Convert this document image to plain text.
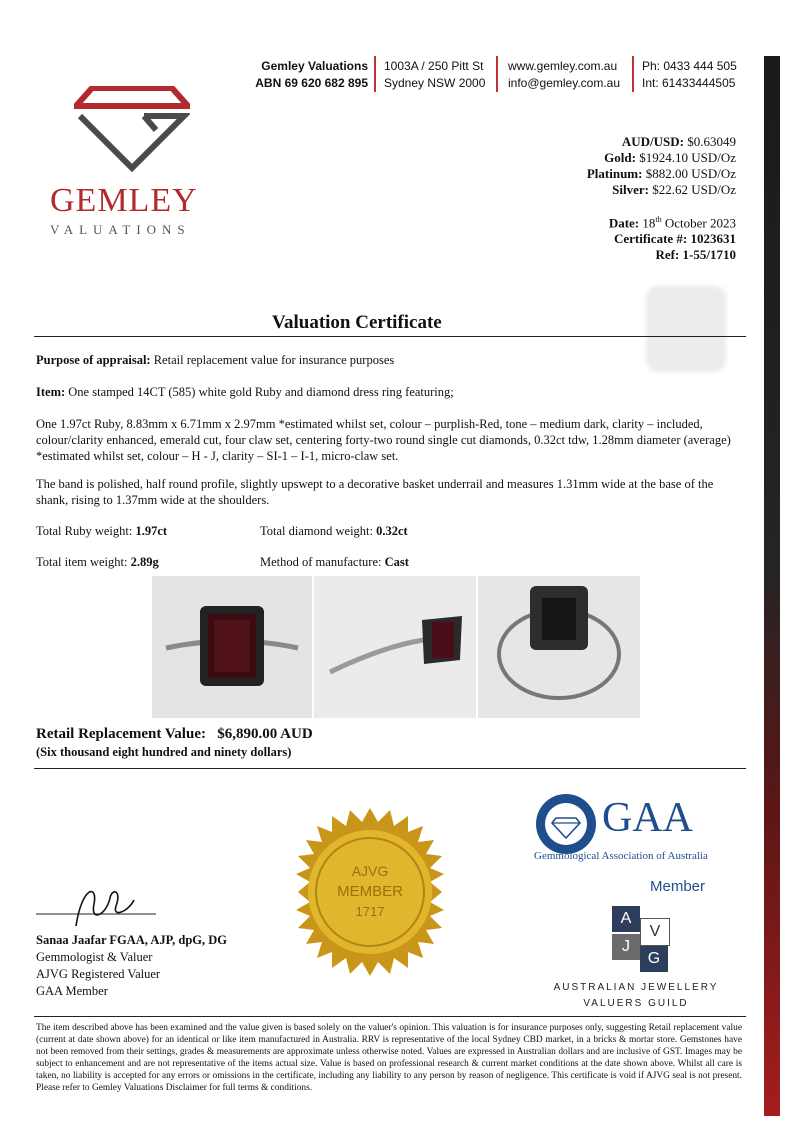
Gemley Valuations
ABN 69 620 682 895
1003A / 250 Pitt St
Sydney NSW 2000
www.gemley.com.au
info@gemley.com.au
Ph: 0433 444 505
Int: 61433444505
GEMLEY
VALUATIONS
AUD/USD: $0.63049
Gold: $1924.10 USD/Oz
Platinum: $882.00 USD/Oz
Silver: $22.62 USD/Oz
Date: 18th October 2023
Certificate #: 1023631
Ref: 1-55/1710
Valuation Certificate
Purpose of appraisal: Retail replacement value for insurance purposes
Item: One stamped 14CT (585) white gold Ruby and diamond dress ring featuring;
One 1.97ct Ruby, 8.83mm x 6.71mm x 2.97mm *estimated whilst set, colour – purplish-Red, tone – medium dark, clarity – included, colour/clarity enhanced, emerald cut, four claw set, centering forty-two round single cut diamonds, 0.32ct tdw, 1.28mm diameter (average) *estimated whilst set, colour – H - J, clarity – SI-1 – I-1, micro-claw set.
The band is polished, half round profile, slightly upswept to a decorative basket underrail and measures 1.31mm wide at the base of the shank, rising to 1.37mm wide at the shoulders.
Total Ruby weight: 1.97ct	Total diamond weight: 0.32ct
Total item weight: 2.89g	Method of manufacture: Cast
Retail Replacement Value: $6,890.00 AUD
(Six thousand eight hundred and ninety dollars)
AJVG
MEMBER
1717
GAA
Gemmological Association of Australia
Member
A
V
J
G
AUSTRALIAN JEWELLERY
VALUERS GUILD
Sanaa Jaafar FGAA, AJP, dpG, DG
Gemmologist & Valuer
AJVG Registered Valuer
GAA Member
The item described above has been examined and the value given is based solely on the valuer's opinion. This valuation is for insurance purposes only, suggesting Retail replacement value (current at date shown above) for an identical or like item manufactured in Australia. RRV is representative of the local Sydney CBD market, in a bricks & mortar store. Gemstones have not been removed from their settings, grades & measurements are approximate unless otherwise noted. Values are expressed in Australian dollars and are inclusive of GST. Images may be subject to enhancement and are not representative of the items actual size. Value is based on professional research & current market conditions at the date shown above. Whilst all care is taken, no liability is accepted for any errors or omissions in the certificate, including any liability to any person by reason of negligence. This certificate is void if AJVG seal is not present. Please refer to Gemley Valuations Disclaimer for full terms & conditions.
